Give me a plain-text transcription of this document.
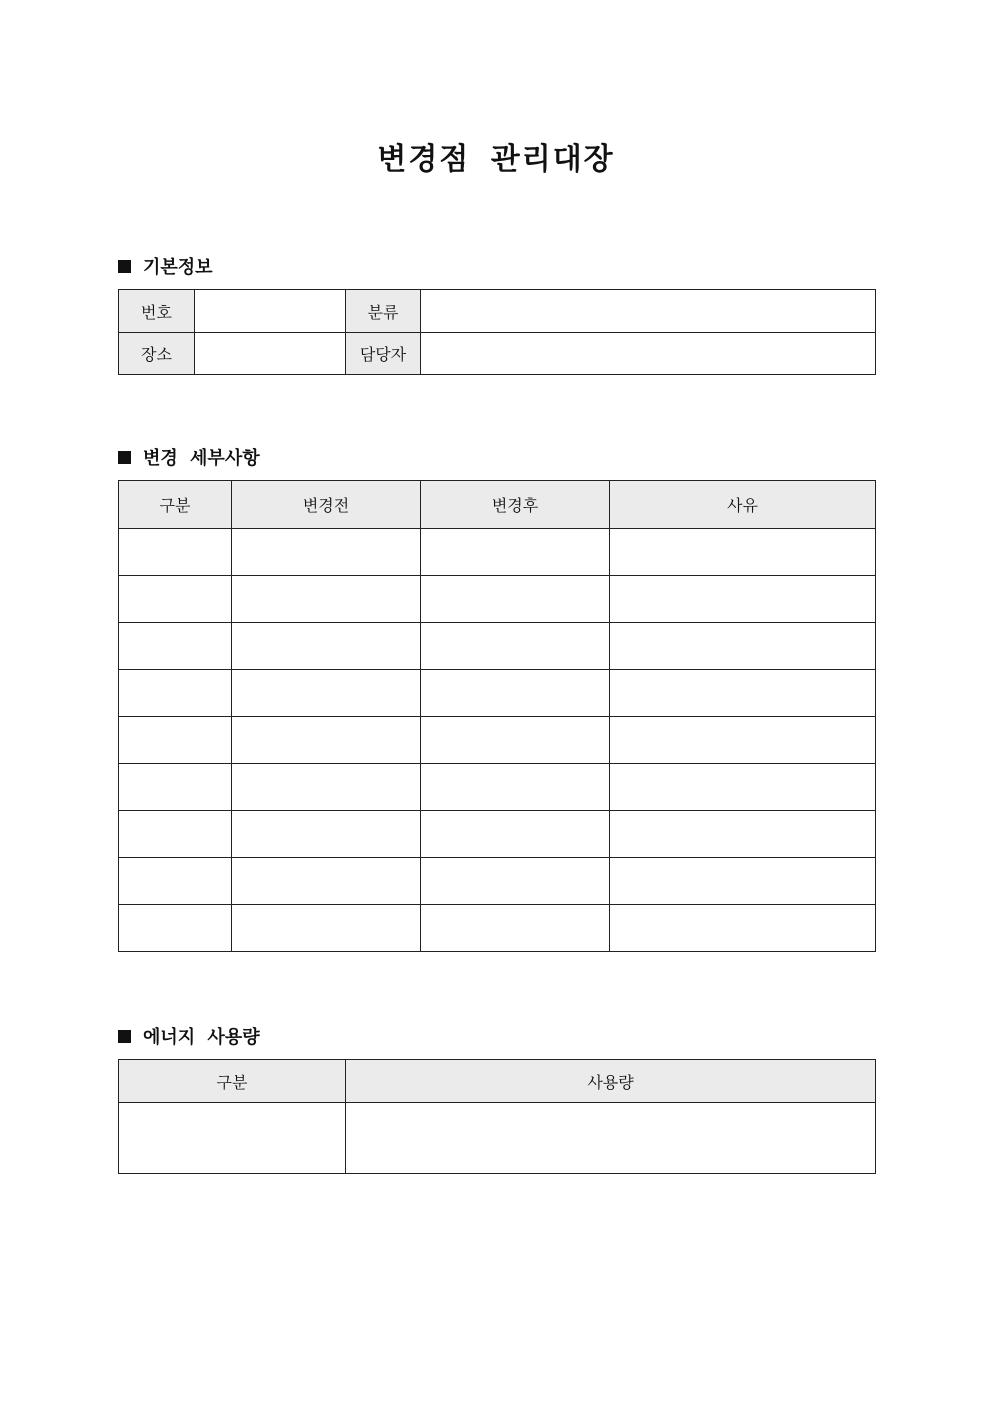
변경점 관리대장
기본정보
번호		분류	
장소		담당자	
변경 세부사항
구분	변경전	변경후	사유

에너지 사용량
구분	사용량
